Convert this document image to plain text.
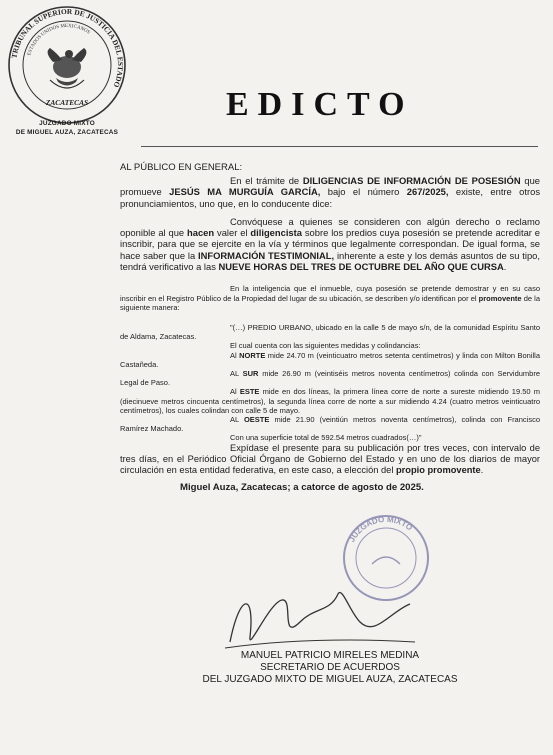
TRIBUNAL SUPERIOR DE JUSTICIA DEL ESTADO
ESTADOS UNIDOS MEXICANOS
ZACATECAS
JUZGADO MIXTO
DE MIGUEL AUZA, ZACATECAS
EDICTO

AL PÚBLICO EN GENERAL:

En el trámite de DILIGENCIAS DE INFORMACIÓN DE POSESIÓN que promueve JESÚS MA MURGUÍA GARCÍA, bajo el número 267/2025, existe, entre otros pronunciamientos, uno que, en lo conducente dice:

Convóquese a quienes se consideren con algún derecho o reclamo oponible al que hacen valer el diligencista sobre los predios cuya posesión se pretende acreditar e inscribir, para que se ejercite en la vía y términos que legalmente correspondan. De igual forma, se hace saber que la INFORMACIÓN TESTIMONIAL, inherente a este y los demás asuntos de su tipo, tendrá verificativo a las NUEVE HORAS DEL TRES DE OCTUBRE DEL AÑO QUE CURSA.

En la inteligencia que el inmueble, cuya posesión se pretende demostrar y en su caso inscribir en el Registro Público de la Propiedad del lugar de su ubicación, se describen y/o identifican por el promovente de la siguiente manera:

"(…) PREDIO URBANO, ubicado en la calle 5 de mayo s/n, de la comunidad Espíritu Santo de Aldama, Zacatecas.

El cual cuenta con las siguientes medidas y colindancias:

Al NORTE mide 24.70 m (veinticuatro metros setenta centímetros) y linda con Milton Bonilla Castañeda.

AL SUR mide 26.90 m (veintiséis metros noventa centímetros) colinda con Servidumbre Legal de Paso.

Al ESTE mide en dos líneas, la primera línea corre de norte a sureste midiendo 19.50 m (diecinueve metros cincuenta centímetros), la segunda línea corre de norte a sur midiendo 4.24 (cuatro metros veinticuatro centímetros), los cuales colindan con calle 5 de mayo.

AL OESTE mide 21.90 (veintiún metros noventa centímetros), colinda con Francisco Ramírez Machado.

Con una superficie total de 592.54 metros cuadrados(…)"

Expídase el presente para su publicación por tres veces, con intervalo de tres días, en el Periódico Oficial Órgano de Gobierno del Estado y en uno de los diarios de mayor circulación en esta entidad federativa, en este caso, a elección del propio promovente.

Miguel Auza, Zacatecas; a catorce de agosto de 2025.

JUZGADO MIXTO
MANUEL PATRICIO MIRELES MEDINA
SECRETARIO DE ACUERDOS
DEL JUZGADO MIXTO DE MIGUEL AUZA, ZACATECAS
